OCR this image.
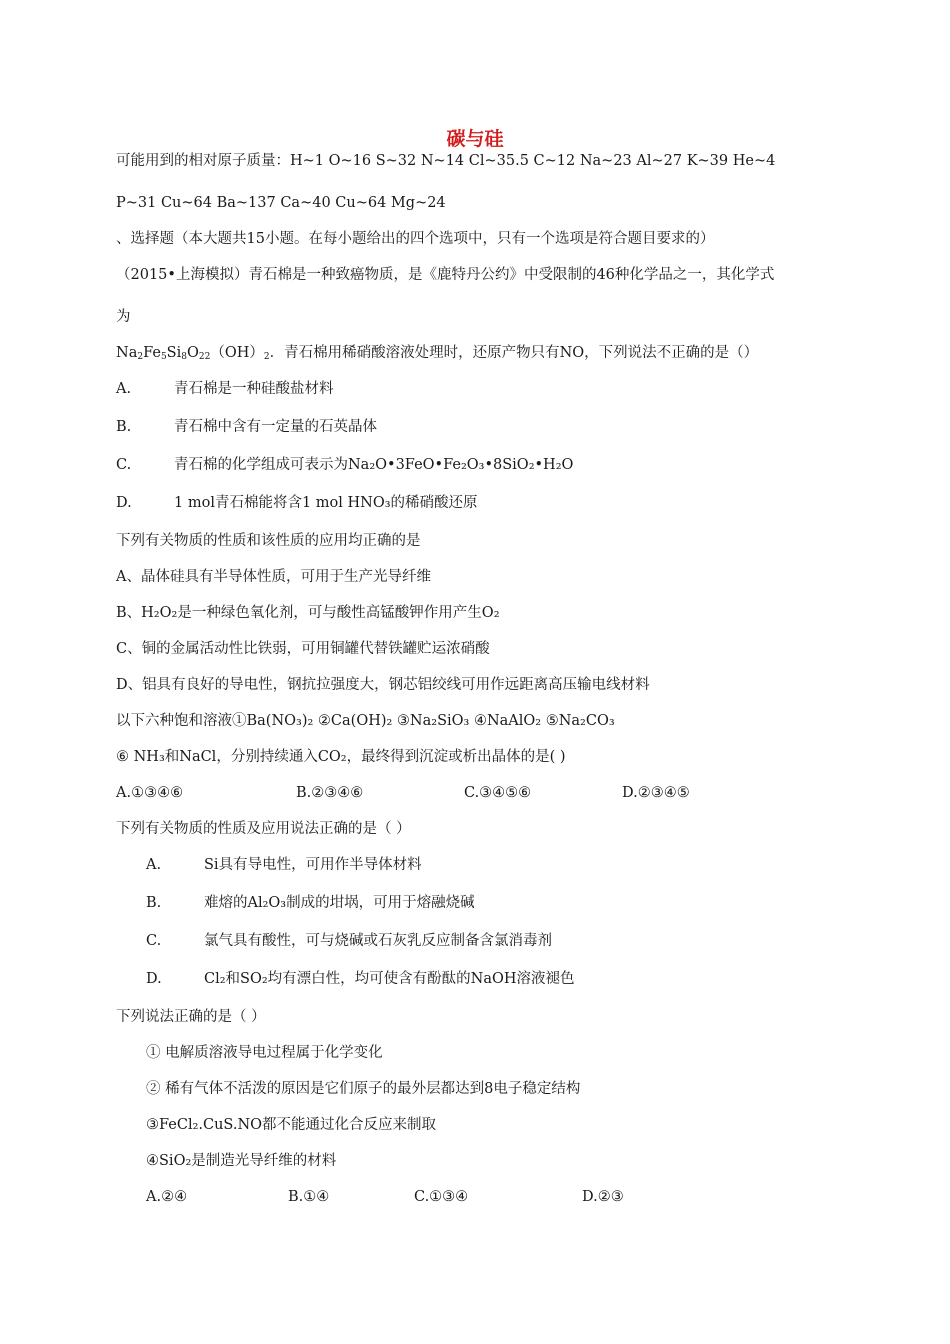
碳与硅
可能用到的相对原子质量：H~1 O~16 S~32 N~14 Cl~35.5 C~12 Na~23 Al~27 K~39 He~4
P~31 Cu~64 Ba~137 Ca~40 Cu~64 Mg~24
、选择题（本大题共15小题。在每小题给出的四个选项中，只有一个选项是符合题目要求的）
（2015•上海模拟）青石棉是一种致癌物质，是《鹿特丹公约》中受限制的46种化学品之一，其化学式
为
$Na_2Fe_5Si_8O_{22}(OH)_2$．青石棉用稀硝酸溶液处理时，还原产物只有NO，下列说法不正确的是（）
A.	青石棉是一种硅酸盐材料
B.	青石棉中含有一定量的石英晶体
C.	青石棉的化学组成可表示为Na₂O•3FeO•Fe₂O₃•8SiO₂•H₂O
D.	1 mol青石棉能将含1 mol HNO₃的稀硝酸还原
下列有关物质的性质和该性质的应用均正确的是
A、晶体硅具有半导体性质，可用于生产光导纤维
B、H₂O₂是一种绿色氧化剂，可与酸性高锰酸钾作用产生O₂
C、铜的金属活动性比铁弱，可用铜罐代替铁罐贮运浓硝酸
D、铝具有良好的导电性，钢抗拉强度大，钢芯铝绞线可用作远距离高压输电线材料
以下六种饱和溶液①Ba(NO₃)₂ ②Ca(OH)₂ ③Na₂SiO₃ ④NaAlO₂ ⑤Na₂CO₃
⑥ NH₃和NaCl，分别持续通入CO₂，最终得到沉淀或析出晶体的是( )
A.①③④⑥	B.②③④⑥	C.③④⑤⑥	D.②③④⑤
下列有关物质的性质及应用说法正确的是（ ）
A.	Si具有导电性，可用作半导体材料
B.	难熔的Al₂O₃制成的坩埚，可用于熔融烧碱
C.	氯气具有酸性，可与烧碱或石灰乳反应制备含氯消毒剂
D.	Cl₂和SO₂均有漂白性，均可使含有酚酞的NaOH溶液褪色
下列说法正确的是（ ）
① 电解质溶液导电过程属于化学变化
② 稀有气体不活泼的原因是它们原子的最外层都达到8电子稳定结构
③FeCl₂.CuS.NO都不能通过化合反应来制取
④SiO₂是制造光导纤维的材料
A.②④	B.①④	C.①③④	D.②③
